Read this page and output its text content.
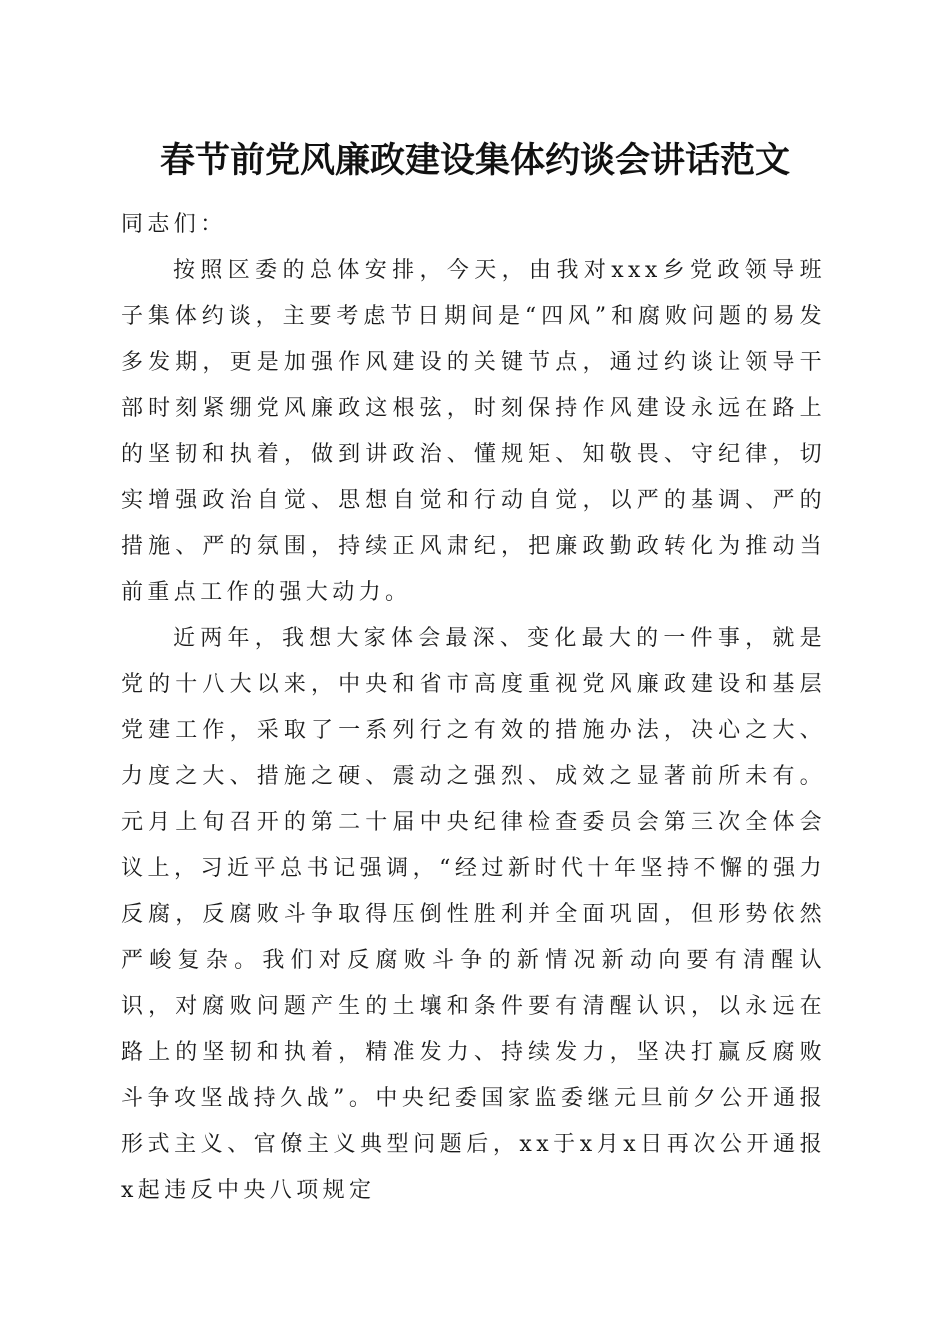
春节前党风廉政建设集体约谈会讲话范文

同志们：

按照区委的总体安排，今天，由我对xxx乡党政领导班子集体约谈，主要考虑节日期间是“四风”和腐败问题的易发多发期，更是加强作风建设的关键节点，通过约谈让领导干部时刻紧绷党风廉政这根弦，时刻保持作风建设永远在路上的坚韧和执着，做到讲政治、懂规矩、知敬畏、守纪律，切实增强政治自觉、思想自觉和行动自觉，以严的基调、严的措施、严的氛围，持续正风肃纪，把廉政勤政转化为推动当前重点工作的强大动力。

近两年，我想大家体会最深、变化最大的一件事，就是党的十八大以来，中央和省市高度重视党风廉政建设和基层党建工作，采取了一系列行之有效的措施办法，决心之大、力度之大、措施之硬、震动之强烈、成效之显著前所未有。元月上旬召开的第二十届中央纪律检查委员会第三次全体会议上，习近平总书记强调，“经过新时代十年坚持不懈的强力反腐，反腐败斗争取得压倒性胜利并全面巩固，但形势依然严峻复杂。我们对反腐败斗争的新情况新动向要有清醒认识，对腐败问题产生的土壤和条件要有清醒认识，以永远在路上的坚韧和执着，精准发力、持续发力，坚决打赢反腐败斗争攻坚战持久战”。中央纪委国家监委继元旦前夕公开通报形式主义、官僚主义典型问题后，xx于x月x日再次公开通报x起违反中央八项规定
